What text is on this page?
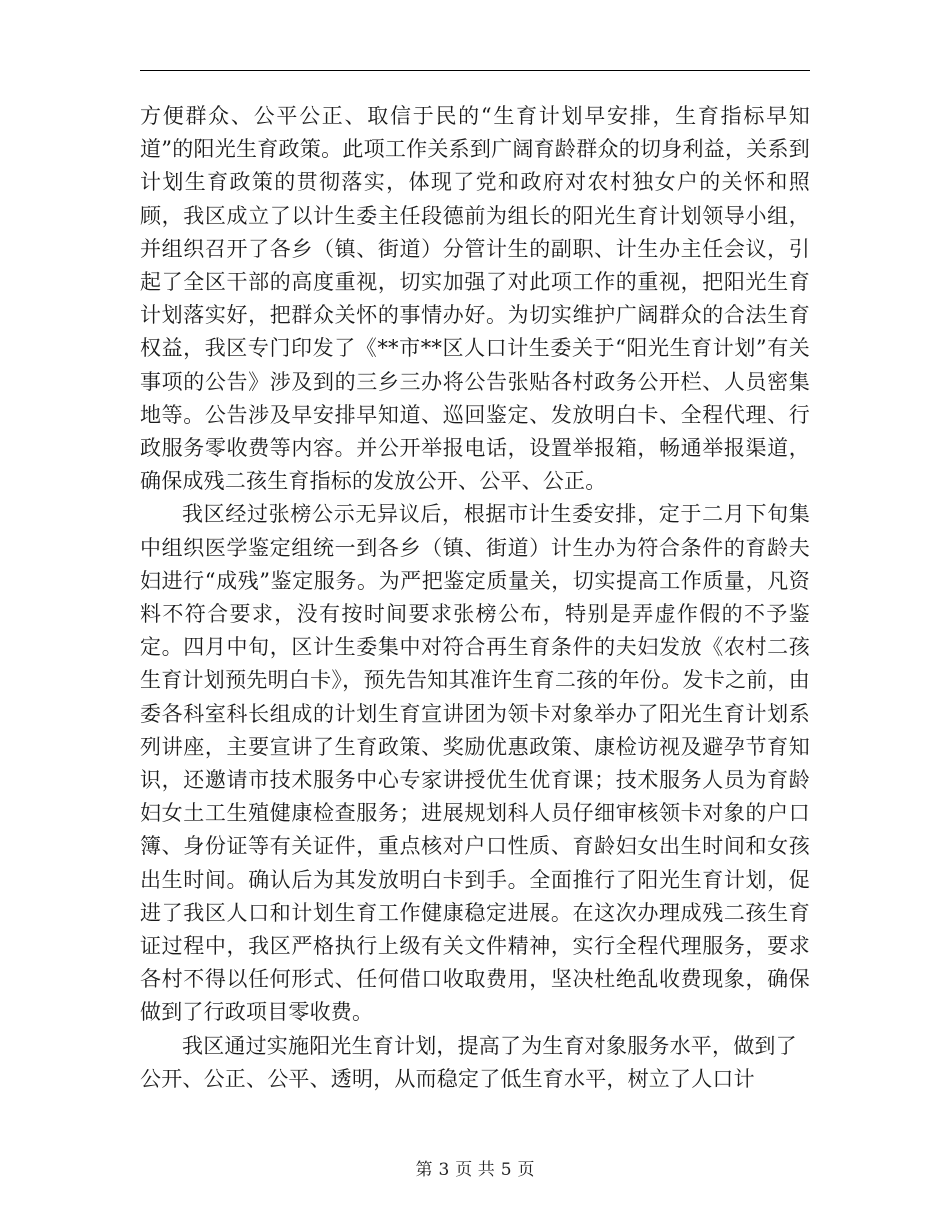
方便群众、公平公正、取信于民的“生育计划早安排，生育指标早知道”的阳光生育政策。此项工作关系到广阔育龄群众的切身利益，关系到计划生育政策的贯彻落实，体现了党和政府对农村独女户的关怀和照顾，我区成立了以计生委主任段德前为组长的阳光生育计划领导小组，并组织召开了各乡（镇、街道）分管计生的副职、计生办主任会议，引起了全区干部的高度重视，切实加强了对此项工作的重视，把阳光生育计划落实好，把群众关怀的事情办好。为切实维护广阔群众的合法生育权益，我区专门印发了《**市**区人口计生委关于“阳光生育计划”有关事项的公告》涉及到的三乡三办将公告张贴各村政务公开栏、人员密集地等。公告涉及早安排早知道、巡回鉴定、发放明白卡、全程代理、行政服务零收费等内容。并公开举报电话，设置举报箱，畅通举报渠道，确保成残二孩生育指标的发放公开、公平、公正。

我区经过张榜公示无异议后，根据市计生委安排，定于二月下旬集中组织医学鉴定组统一到各乡（镇、街道）计生办为符合条件的育龄夫妇进行“成残”鉴定服务。为严把鉴定质量关，切实提高工作质量，凡资料不符合要求，没有按时间要求张榜公布，特别是弄虚作假的不予鉴定。四月中旬，区计生委集中对符合再生育条件的夫妇发放《农村二孩生育计划预先明白卡》，预先告知其准许生育二孩的年份。发卡之前，由委各科室科长组成的计划生育宣讲团为领卡对象举办了阳光生育计划系列讲座，主要宣讲了生育政策、奖励优惠政策、康检访视及避孕节育知识，还邀请市技术服务中心专家讲授优生优育课；技术服务人员为育龄妇女土工生殖健康检查服务；进展规划科人员仔细审核领卡对象的户口簿、身份证等有关证件，重点核对户口性质、育龄妇女出生时间和女孩出生时间。确认后为其发放明白卡到手。全面推行了阳光生育计划，促进了我区人口和计划生育工作健康稳定进展。在这次办理成残二孩生育证过程中，我区严格执行上级有关文件精神，实行全程代理服务，要求各村不得以任何形式、任何借口收取费用，坚决杜绝乱收费现象，确保做到了行政项目零收费。

我区通过实施阳光生育计划，提高了为生育对象服务水平，做到了公开、公正、公平、透明，从而稳定了低生育水平，树立了人口计

第 3 页 共 5 页
